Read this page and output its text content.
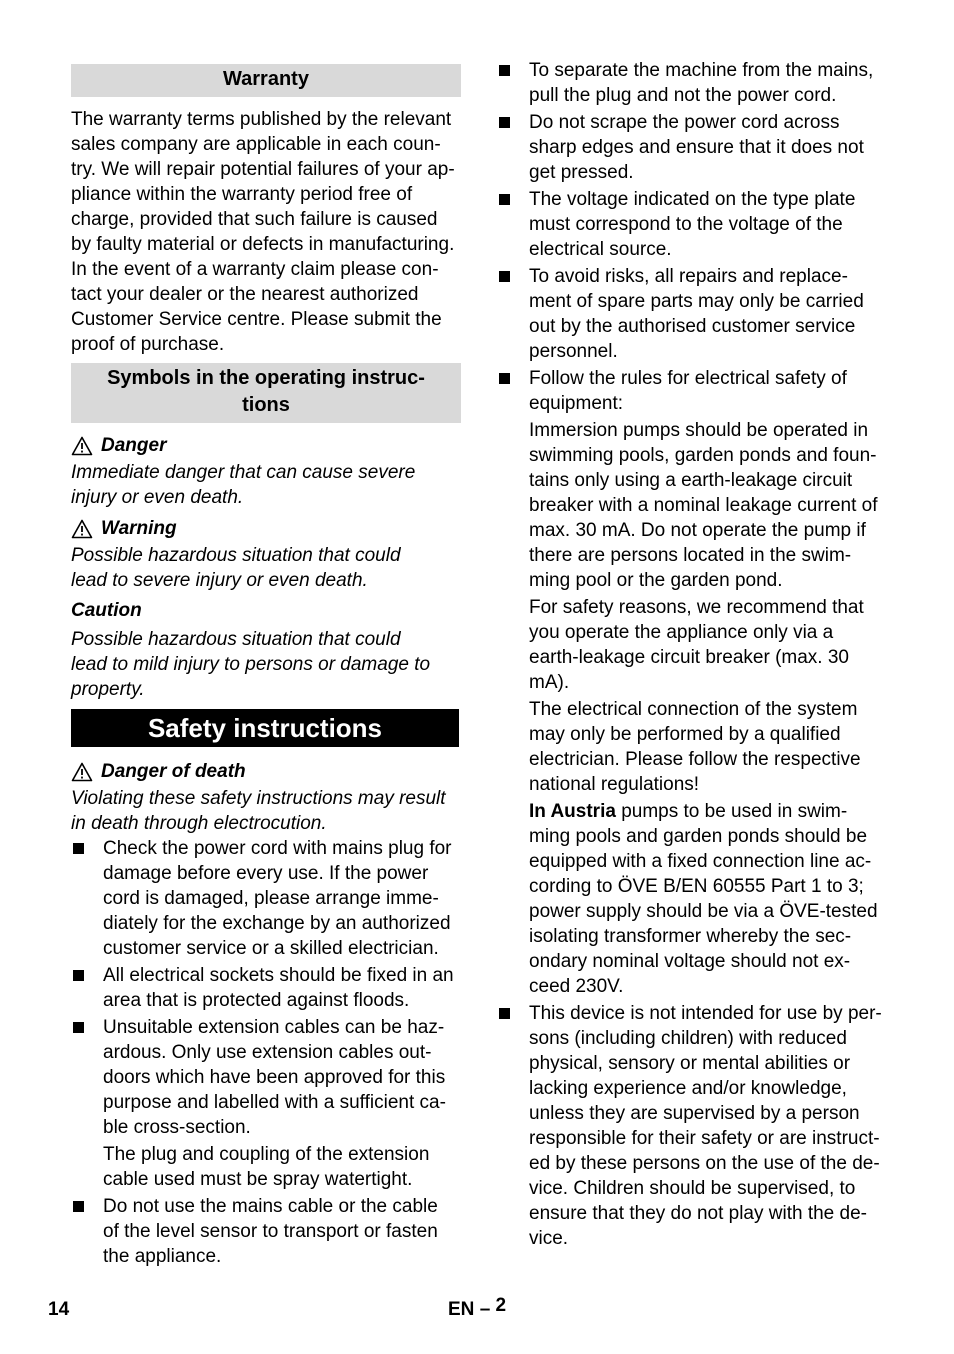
Warranty

The warranty terms published by the relevant

sales company are applicable in each coun-

try. We will repair potential failures of your ap-

pliance within the warranty period free of

charge, provided that such failure is caused

by faulty material or defects in manufacturing.

In the event of a warranty claim please con-

tact your dealer or the nearest authorized

Customer Service centre. Please submit the

proof of purchase.

Symbols in the operating instruc-
tions
Danger

Immediate danger that can cause severe

injury or even death.

Warning

Possible hazardous situation that could

lead to severe injury or even death.

Caution

Possible hazardous situation that could

lead to mild injury to persons or damage to

property.

Safety instructions
Danger of death

Violating these safety instructions may result

in death through electrocution.

Check the power cord with mains plug for

damage before every use. If the power

cord is damaged, please arrange imme-

diately for the exchange by an authorized

customer service or a skilled electrician.

All electrical sockets should be fixed in an

area that is protected against floods.

Unsuitable extension cables can be haz-

ardous. Only use extension cables out-

doors which have been approved for this

purpose and labelled with a sufficient ca-

ble cross-section.

The plug and coupling of the extension

cable used must be spray watertight.

Do not use the mains cable or the cable

of the level sensor to transport or fasten

the appliance.

To separate the machine from the mains,

pull the plug and not the power cord.

Do not scrape the power cord across

sharp edges and ensure that it does not

get pressed.

The voltage indicated on the type plate

must correspond to the voltage of the

electrical source.

To avoid risks, all repairs and replace-

ment of spare parts may only be carried

out by the authorised customer service

personnel.

Follow the rules for electrical safety of

equipment:

Immersion pumps should be operated in

swimming pools, garden ponds and foun-

tains only using a earth-leakage circuit

breaker with a nominal leakage current of

max. 30 mA. Do not operate the pump if

there are persons located in the swim-

ming pool or the garden pond.

For safety reasons, we recommend that

you operate the appliance only via a

earth-leakage circuit breaker (max. 30

mA).

The electrical connection of the system

may only be performed by a qualified

electrician. Please follow the respective

national regulations!

In Austria pumps to be used in swim-

ming pools and garden ponds should be

equipped with a fixed connection line ac-

cording to ÖVE B/EN 60555 Part 1 to 3;

power supply should be via a ÖVE-tested

isolating transformer whereby the sec-

ondary nominal voltage should not ex-

ceed 230V.

This device is not intended for use by per-

sons (including children) with reduced

physical, sensory or mental abilities or

lacking experience and/or knowledge,

unless they are supervised by a person

responsible for their safety or are instruct-

ed by these persons on the use of the de-

vice. Children should be supervised, to

ensure that they do not play with the de-

vice.

14	EN – 2
